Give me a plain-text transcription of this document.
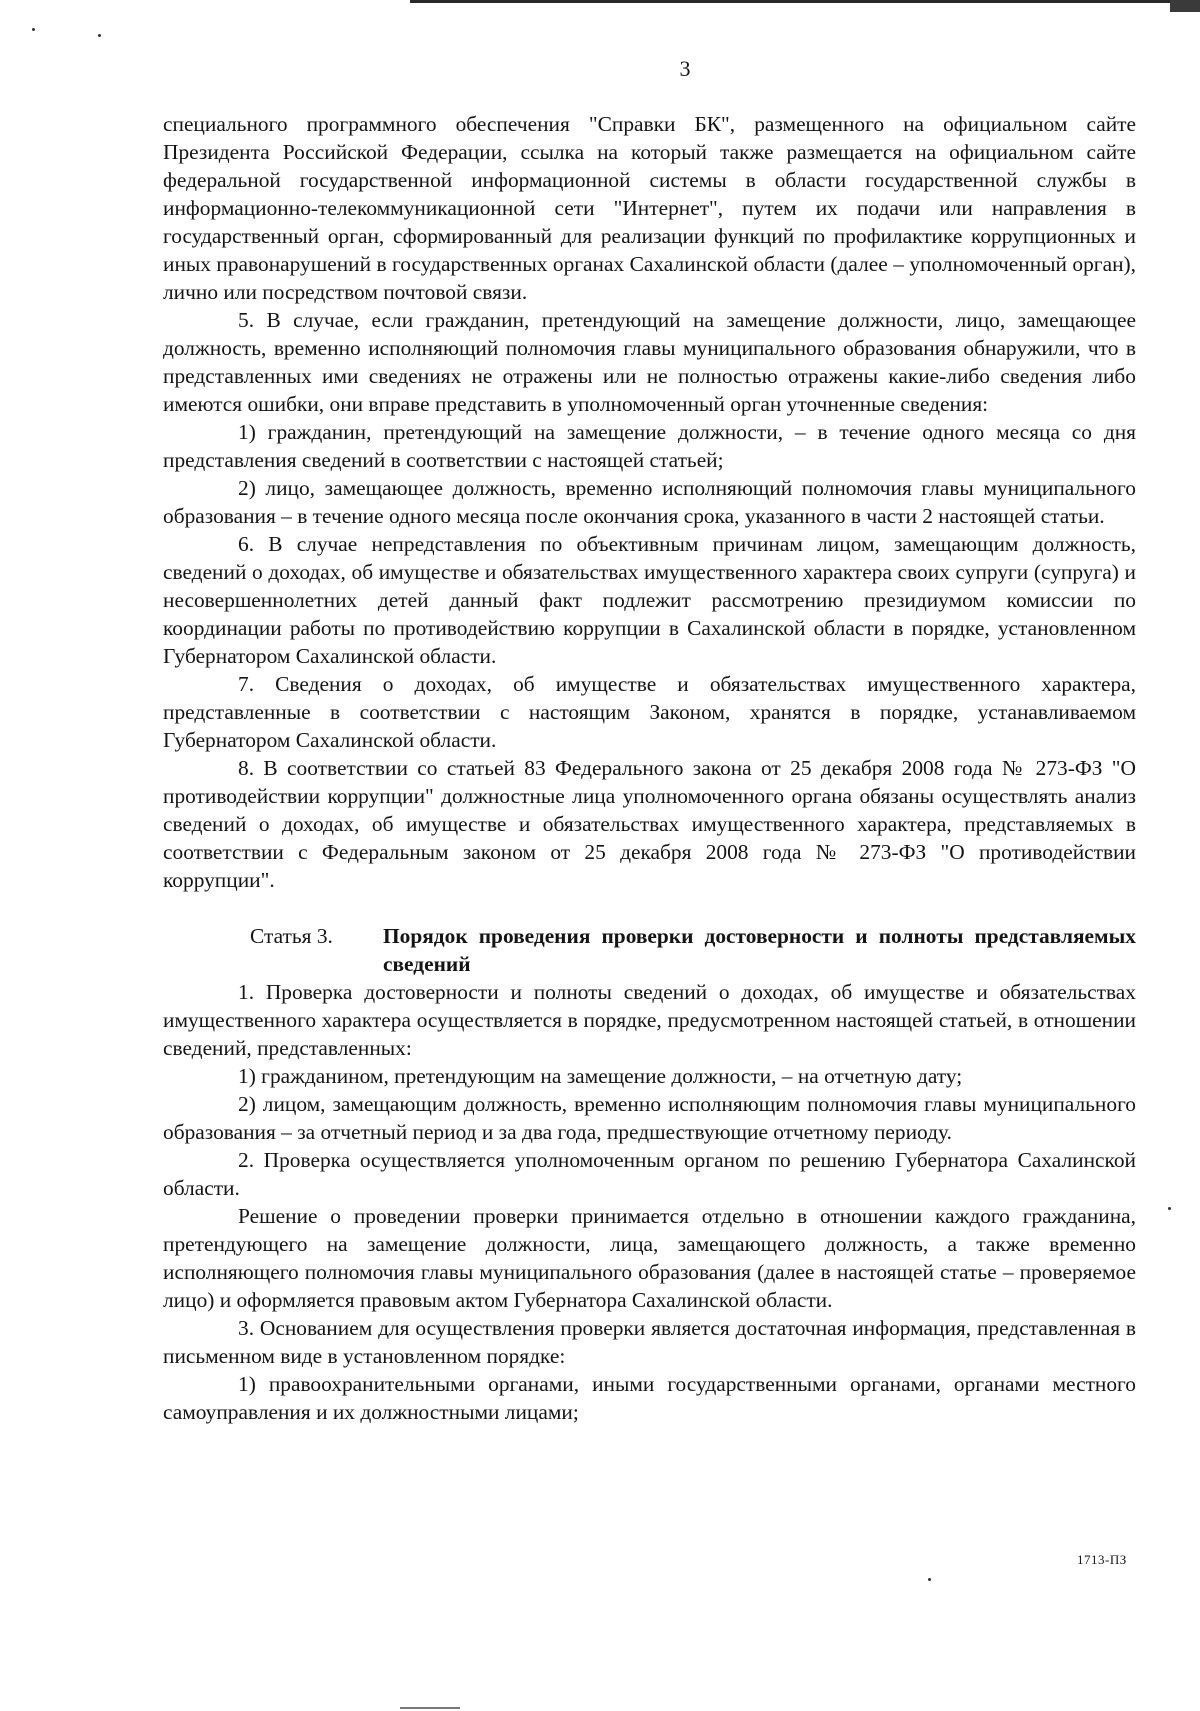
3

специального программного обеспечения "Справки БК", размещенного на официальном сайте Президента Российской Федерации, ссылка на который также размещается на официальном сайте федеральной государственной информационной системы в области государственной службы в информационно-телекоммуникационной сети "Интернет", путем их подачи или направления в государственный орган, сформированный для реализации функций по профилактике коррупционных и иных правонарушений в государственных органах Сахалинской области (далее – уполномоченный орган), лично или посредством почтовой связи.

5. В случае, если гражданин, претендующий на замещение должности, лицо, замещающее должность, временно исполняющий полномочия главы муниципального образования обнаружили, что в представленных ими сведениях не отражены или не полностью отражены какие-либо сведения либо имеются ошибки, они вправе представить в уполномоченный орган уточненные сведения:

1) гражданин, претендующий на замещение должности, – в течение одного месяца со дня представления сведений в соответствии с настоящей статьей;

2) лицо, замещающее должность, временно исполняющий полномочия главы муниципального образования – в течение одного месяца после окончания срока, указанного в части 2 настоящей статьи.

6. В случае непредставления по объективным причинам лицом, замещающим должность, сведений о доходах, об имуществе и обязательствах имущественного характера своих супруги (супруга) и несовершеннолетних детей данный факт подлежит рассмотрению президиумом комиссии по координации работы по противодействию коррупции в Сахалинской области в порядке, установленном Губернатором Сахалинской области.

7. Сведения о доходах, об имуществе и обязательствах имущественного характера, представленные в соответствии с настоящим Законом, хранятся в порядке, устанавливаемом Губернатором Сахалинской области.

8. В соответствии со статьей 83 Федерального закона от 25 декабря 2008 года № 273-ФЗ "О противодействии коррупции" должностные лица уполномоченного органа обязаны осуществлять анализ сведений о доходах, об имуществе и обязательствах имущественного характера, представляемых в соответствии с Федеральным законом от 25 декабря 2008 года № 273-ФЗ "О противодействии коррупции".

Статья 3.	Порядок проведения проверки достоверности и полноты представляемых сведений

1. Проверка достоверности и полноты сведений о доходах, об имуществе и обязательствах имущественного характера осуществляется в порядке, предусмотренном настоящей статьей, в отношении сведений, представленных:

1) гражданином, претендующим на замещение должности, – на отчетную дату;

2) лицом, замещающим должность, временно исполняющим полномочия главы муниципального образования – за отчетный период и за два года, предшествующие отчетному периоду.

2. Проверка осуществляется уполномоченным органом по решению Губернатора Сахалинской области.

Решение о проведении проверки принимается отдельно в отношении каждого гражданина, претендующего на замещение должности, лица, замещающего должность, а также временно исполняющего полномочия главы муниципального образования (далее в настоящей статье – проверяемое лицо) и оформляется правовым актом Губернатора Сахалинской области.

3. Основанием для осуществления проверки является достаточная информация, представленная в письменном виде в установленном порядке:

1) правоохранительными органами, иными государственными органами, органами местного самоуправления и их должностными лицами;

1713-ПЗ
